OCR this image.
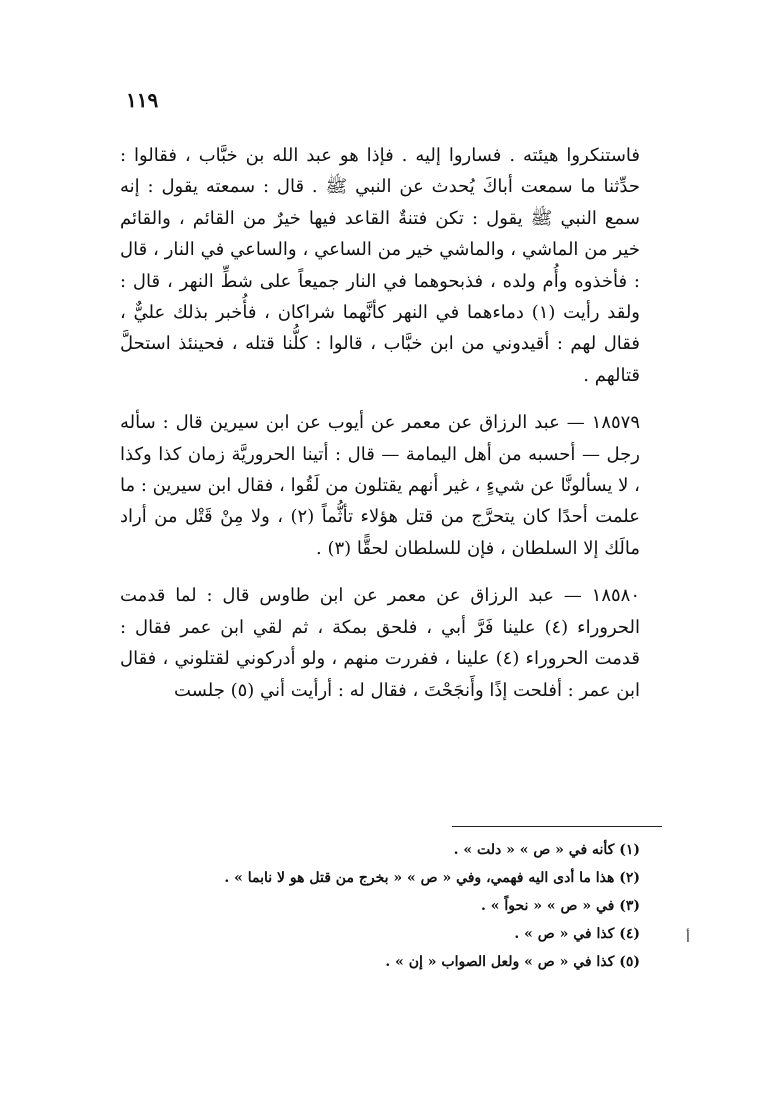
١١٩

فاستنكروا هيئته . فساروا إليه . فإذا هو عبد الله بن خبَّاب ، فقالوا : حدِّثنا ما سمعت أباكَ يُحدث عن النبي ﷺ . قال : سمعته يقول : إنه سمع النبي ﷺ يقول : تكن فتنةٌ القاعد فيها خيرٌ من القائم ، والقائم خير من الماشي ، والماشي خير من الساعي ، والساعي في النار ، قال : فأخذوه وأُم ولده ، فذبحوهما في النار جميعاً على شطِّ النهر ، قال : ولقد رأيت (١) دماءهما في النهر كأنَّهما شراكان ، فأُخبر بذلك عليٌّ ، فقال لهم : أقيدوني من ابن خبَّاب ، قالوا : كلُّنا قتله ، فحينئذ استحلَّ قتالهم .

١٨٥٧٩ — عبد الرزاق عن معمر عن أيوب عن ابن سيرين قال : سأله رجل — أحسبه من أهل اليمامة — قال : أتينا الحروريَّة زمان كذا وكذا ، لا يسألونَّا عن شيءٍ ، غير أنهم يقتلون من لَقُوا ، فقال ابن سيرين : ما علمت أحدًا كان يتحرَّج من قتل هؤلاء تأثُّماً (٢) ، ولا مِنْ قَتْل من أراد مالَك إلا السلطان ، فإن للسلطان لحقًّا (٣) .

١٨٥٨٠ — عبد الرزاق عن معمر عن ابن طاوس قال : لما قدمت الحروراء (٤) علينا فَرَّ أبي ، فلحق بمكة ، ثم لقي ابن عمر فقال : قدمت الحروراء (٤) علينا ، ففررت منهم ، ولو أدركوني لقتلوني ، فقال ابن عمر : أفلحت إذًا وأَنجَحْتَ ، فقال له : أرأيت أني (٥) جلست

(١) كأنه في « ص » « دلت » .

(٢) هذا ما أدى اليه فهمي، وفي « ص » « بخرج من قتل هو لا نابما » .

(٣) في « ص » « نحواً » .

(٤) كذا في « ص » .

(٥) كذا في « ص » ولعل الصواب « إن » .

أ
